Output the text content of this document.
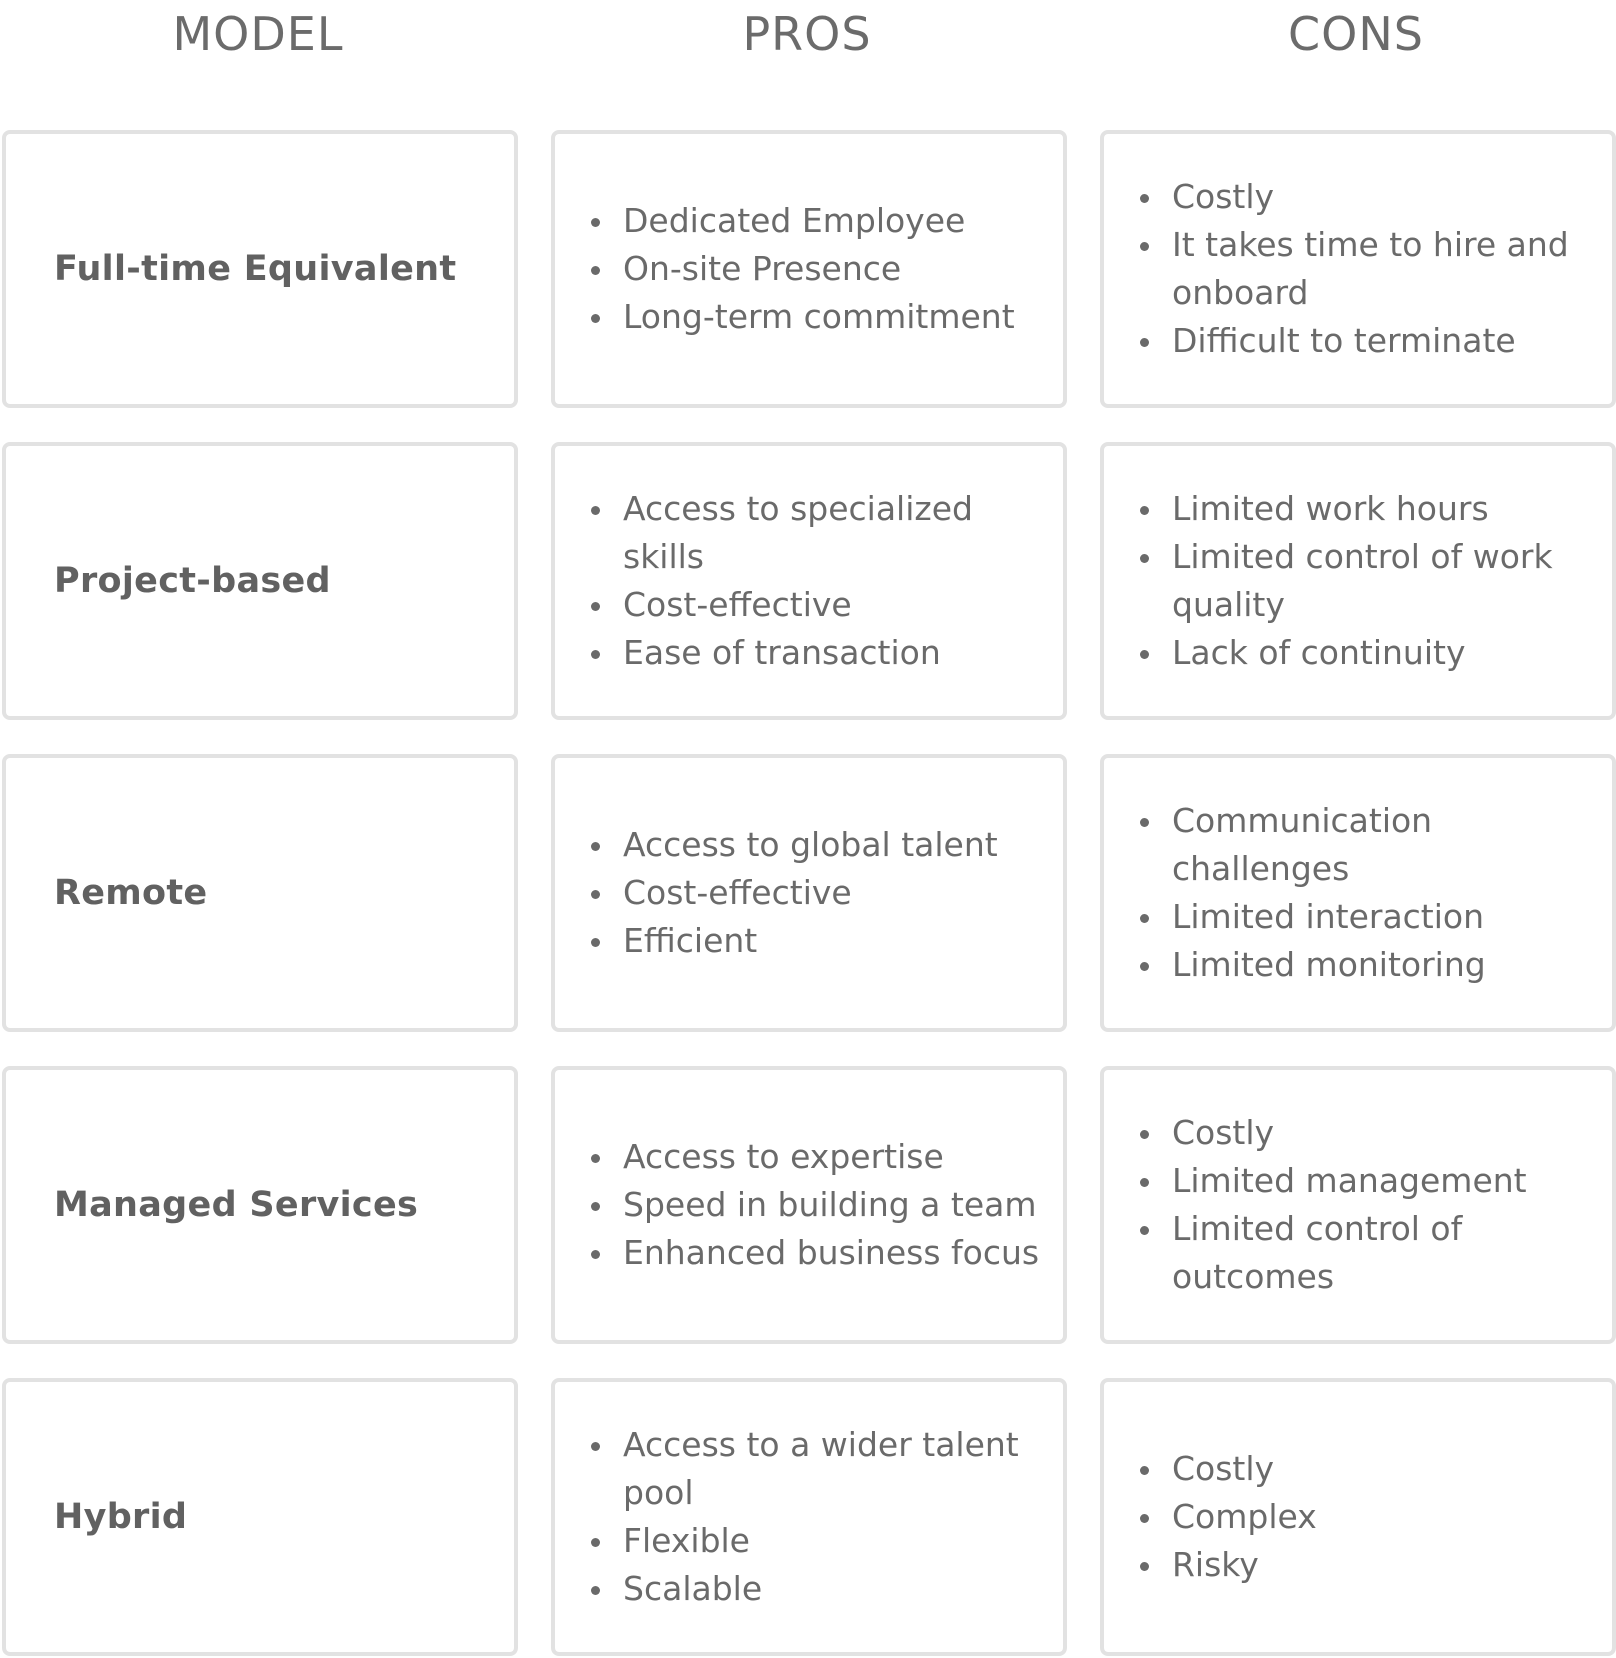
MODEL	PROS	CONS
Full-time Equivalent
Dedicated Employee
On-site Presence
Long-term commitment
Costly
It takes time to hire and onboard
Difficult to terminate
Project-based
Access to specialized skills
Cost-effective
Ease of transaction
Limited work hours
Limited control of work quality
Lack of continuity
Remote
Access to global talent
Cost-effective
Efficient
Communication challenges
Limited interaction
Limited monitoring
Managed Services
Access to expertise
Speed in building a team
Enhanced business focus
Costly
Limited management
Limited control of outcomes
Hybrid
Access to a wider talent pool
Flexible
Scalable
Costly
Complex
Risky
